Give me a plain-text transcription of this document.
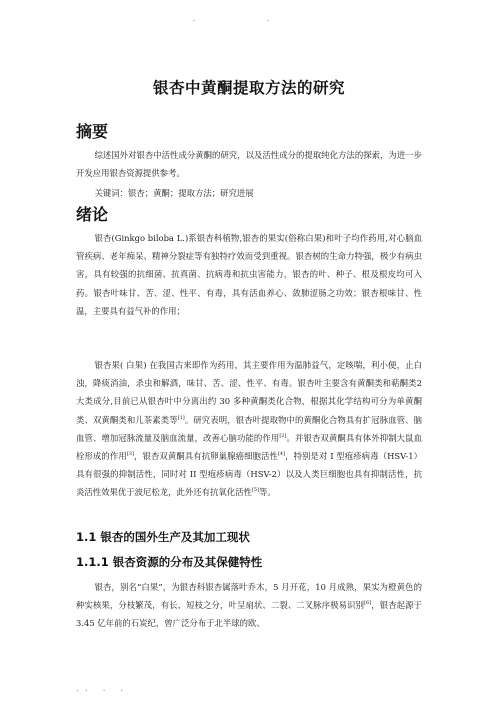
. .
银杏中黄酮提取方法的研究
摘要
综述国外对银杏中活性成分黄酮的研究，以及活性成分的提取纯化方法的探索，为进一步开发应用银杏资源提供参考。
关键词：银杏；黄酮；提取方法；研究进展
绪论
银杏(Ginkgo biloba L.)系银杏科植物,银杏的果实(俗称白果)和叶子均作药用,对心脑血管疾病、老年痴呆、精神分裂症等有独特疗效而受到重视。银杏树的生命力特强，极少有病虫害，具有较强的抗细菌、抗真菌、抗病毒和抗虫害能力，银杏的叶、种子、根及根皮均可入药。银杏叶味甘、苦、涩、性平、有毒，具有活血养心、敛肺涩肠之功效；银杏根味甘、性温，主要具有益气补的作用；
银杏果( 白果) 在我国古来即作为药用，其主要作用为温肺益气，定咳喘，利小便，止白浊，降痰消油，杀虫和解酒，味甘、苦、涩、性平、有毒。银杏叶主要含有黄酮类和萜酮类2大类成分,目前已从银杏叶中分离出约 30 多种黄酮类化合物，根据其化学结构可分为单黄酮类、双黄酮类和儿茶素类等[1]。研究表明，银杏叶提取物中的黄酮化合物具有扩冠脉血管、脑血管、增加冠脉流量及脑血流量，改善心脑功能的作用[2]。并银杏双黄酮具有体外抑制大鼠血栓形成的作用[3]，银杏双黄酮具有抗卵巢腺癌细胞活性[4]，特别是对 I 型疱疹病毒（HSV-1）具有很强的抑制活性，同时对 II 型疱疹病毒（HSV-2）以及人类巨细胞也具有抑制活性，抗炎活性效果优于波尼松龙，此外还有抗氧化活性[5]等。
1.1 银杏的国外生产及其加工现状
1.1.1 银杏资源的分布及其保健特性
银杏，别名“白果”，为银杏科银杏属落叶乔木，5 月开花，10 月成熟，果实为橙黄色的种实核果，分枝繁茂，有长、短枝之分，叶呈扇状、二裂、二叉脉序极易识别[6]，银杏起源于 3.45 亿年前的石炭纪，曾广泛分布于北半球的欧、
.. . .
